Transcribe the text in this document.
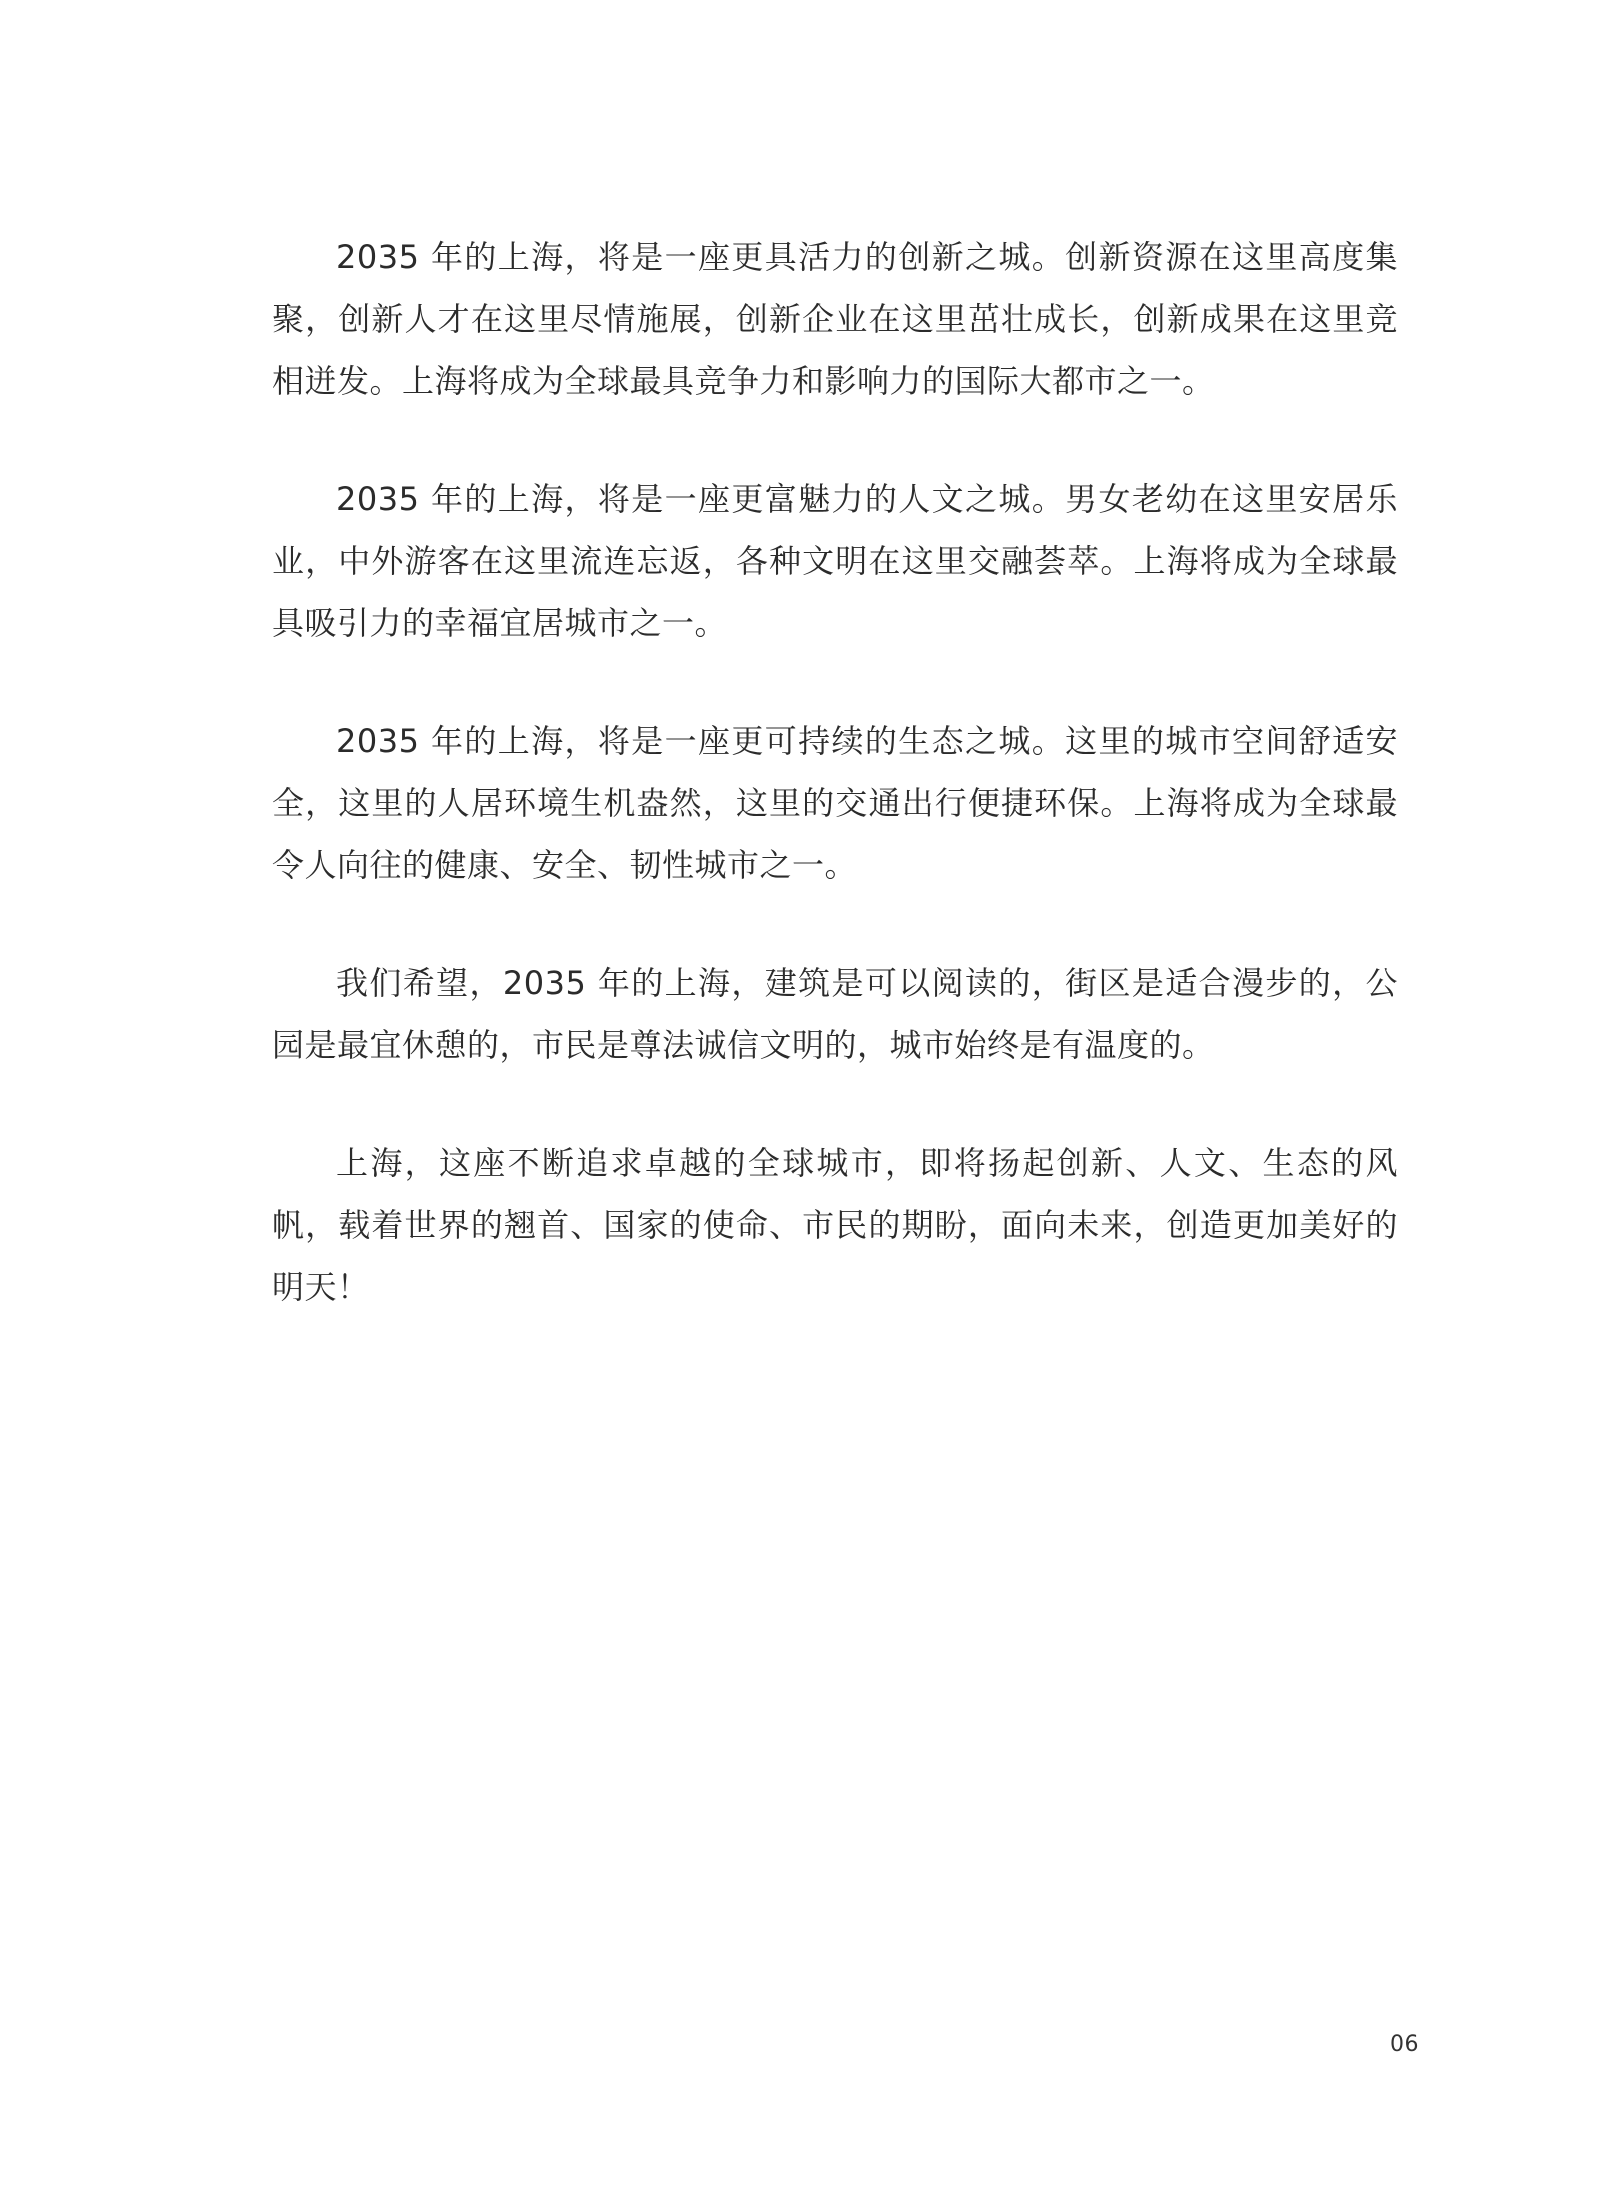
2035 年的上海，将是一座更具活力的创新之城。创新资源在这里高度集聚，创新人才在这里尽情施展，创新企业在这里茁壮成长，创新成果在这里竞相迸发。上海将成为全球最具竞争力和影响力的国际大都市之一。

2035 年的上海，将是一座更富魅力的人文之城。男女老幼在这里安居乐业，中外游客在这里流连忘返，各种文明在这里交融荟萃。上海将成为全球最具吸引力的幸福宜居城市之一。

2035 年的上海，将是一座更可持续的生态之城。这里的城市空间舒适安全，这里的人居环境生机盎然，这里的交通出行便捷环保。上海将成为全球最令人向往的健康、安全、韧性城市之一。

我们希望，2035 年的上海，建筑是可以阅读的，街区是适合漫步的，公园是最宜休憩的，市民是尊法诚信文明的，城市始终是有温度的。

上海，这座不断追求卓越的全球城市，即将扬起创新、人文、生态的风帆，载着世界的翘首、国家的使命、市民的期盼，面向未来，创造更加美好的明天！

06
